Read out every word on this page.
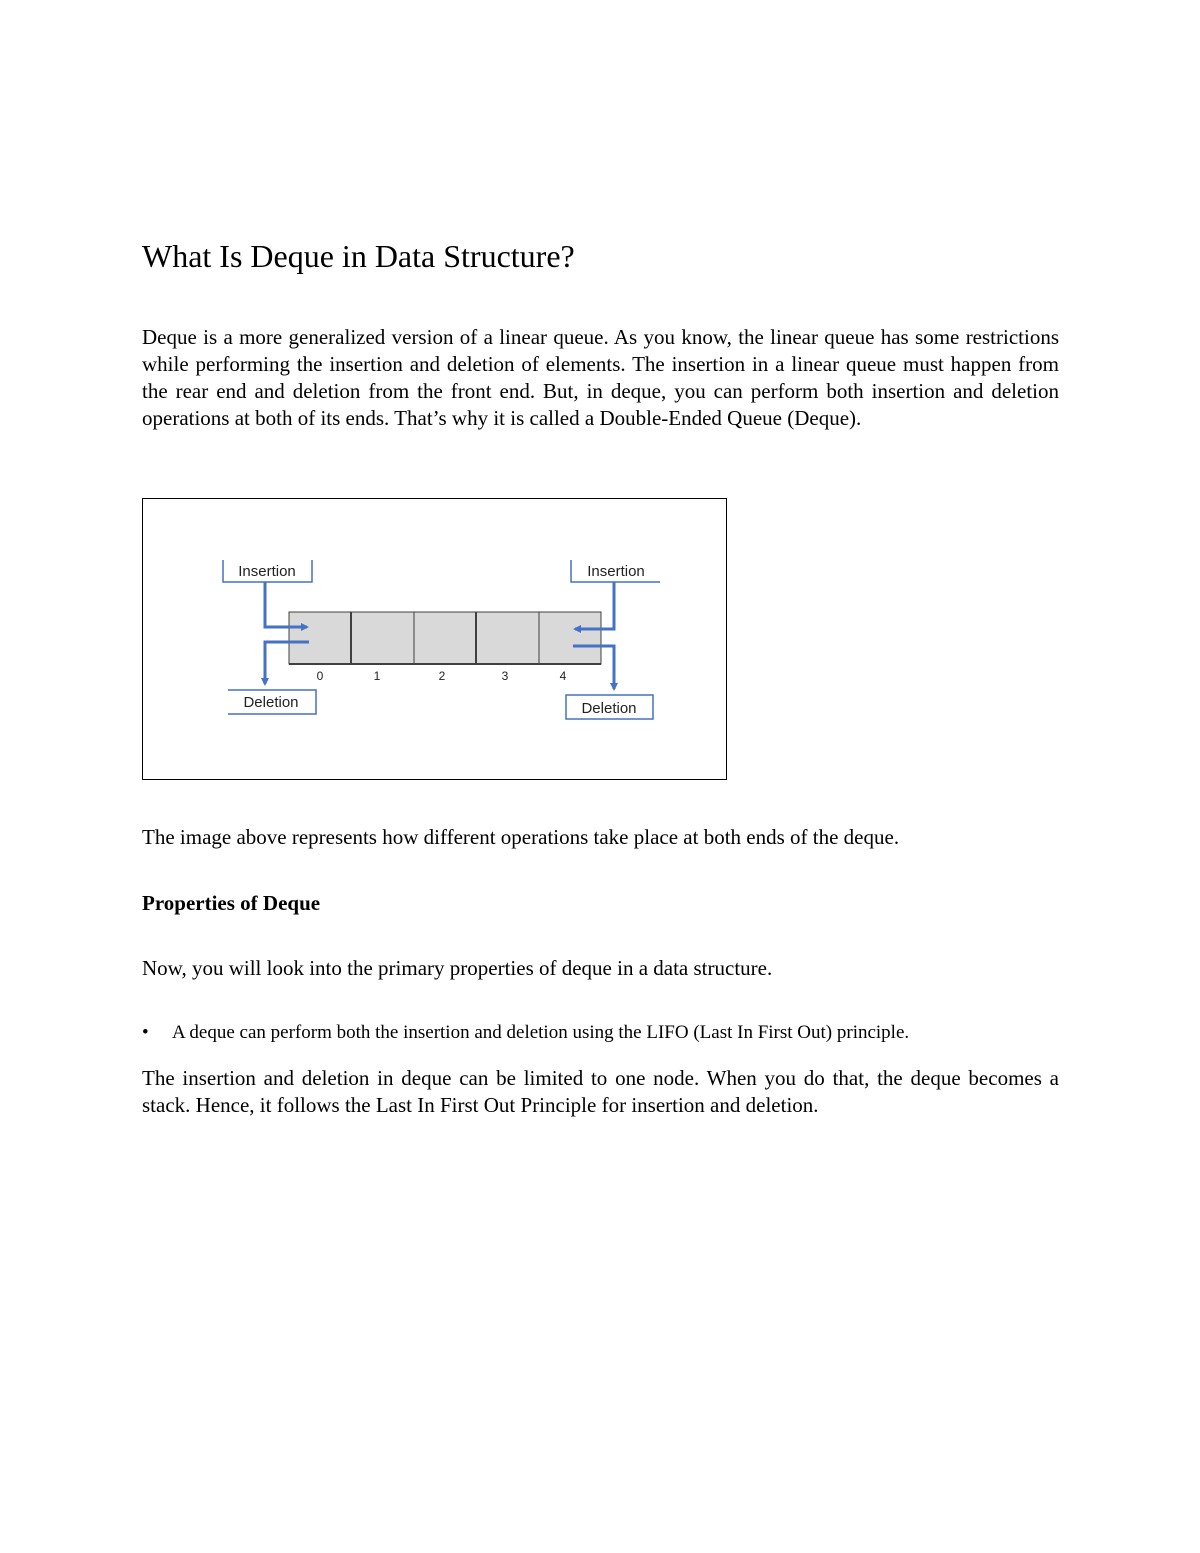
What Is Deque in Data Structure?

Deque is a more generalized version of a linear queue. As you know, the linear queue has some restrictions while performing the insertion and deletion of elements. The insertion in a linear queue must happen from the rear end and deletion from the front end. But, in deque, you can perform both insertion and deletion operations at both of its ends. That’s why it is called a Double-Ended Queue (Deque).

0	1	2	3	4
Insertion	Insertion
Deletion	Deletion

The image above represents how different operations take place at both ends of the deque.

Properties of Deque

Now, you will look into the primary properties of deque in a data structure.

• A deque can perform both the insertion and deletion using the LIFO (Last In First Out) principle.

The insertion and deletion in deque can be limited to one node. When you do that, the deque becomes a stack. Hence, it follows the Last In First Out Principle for insertion and deletion.
